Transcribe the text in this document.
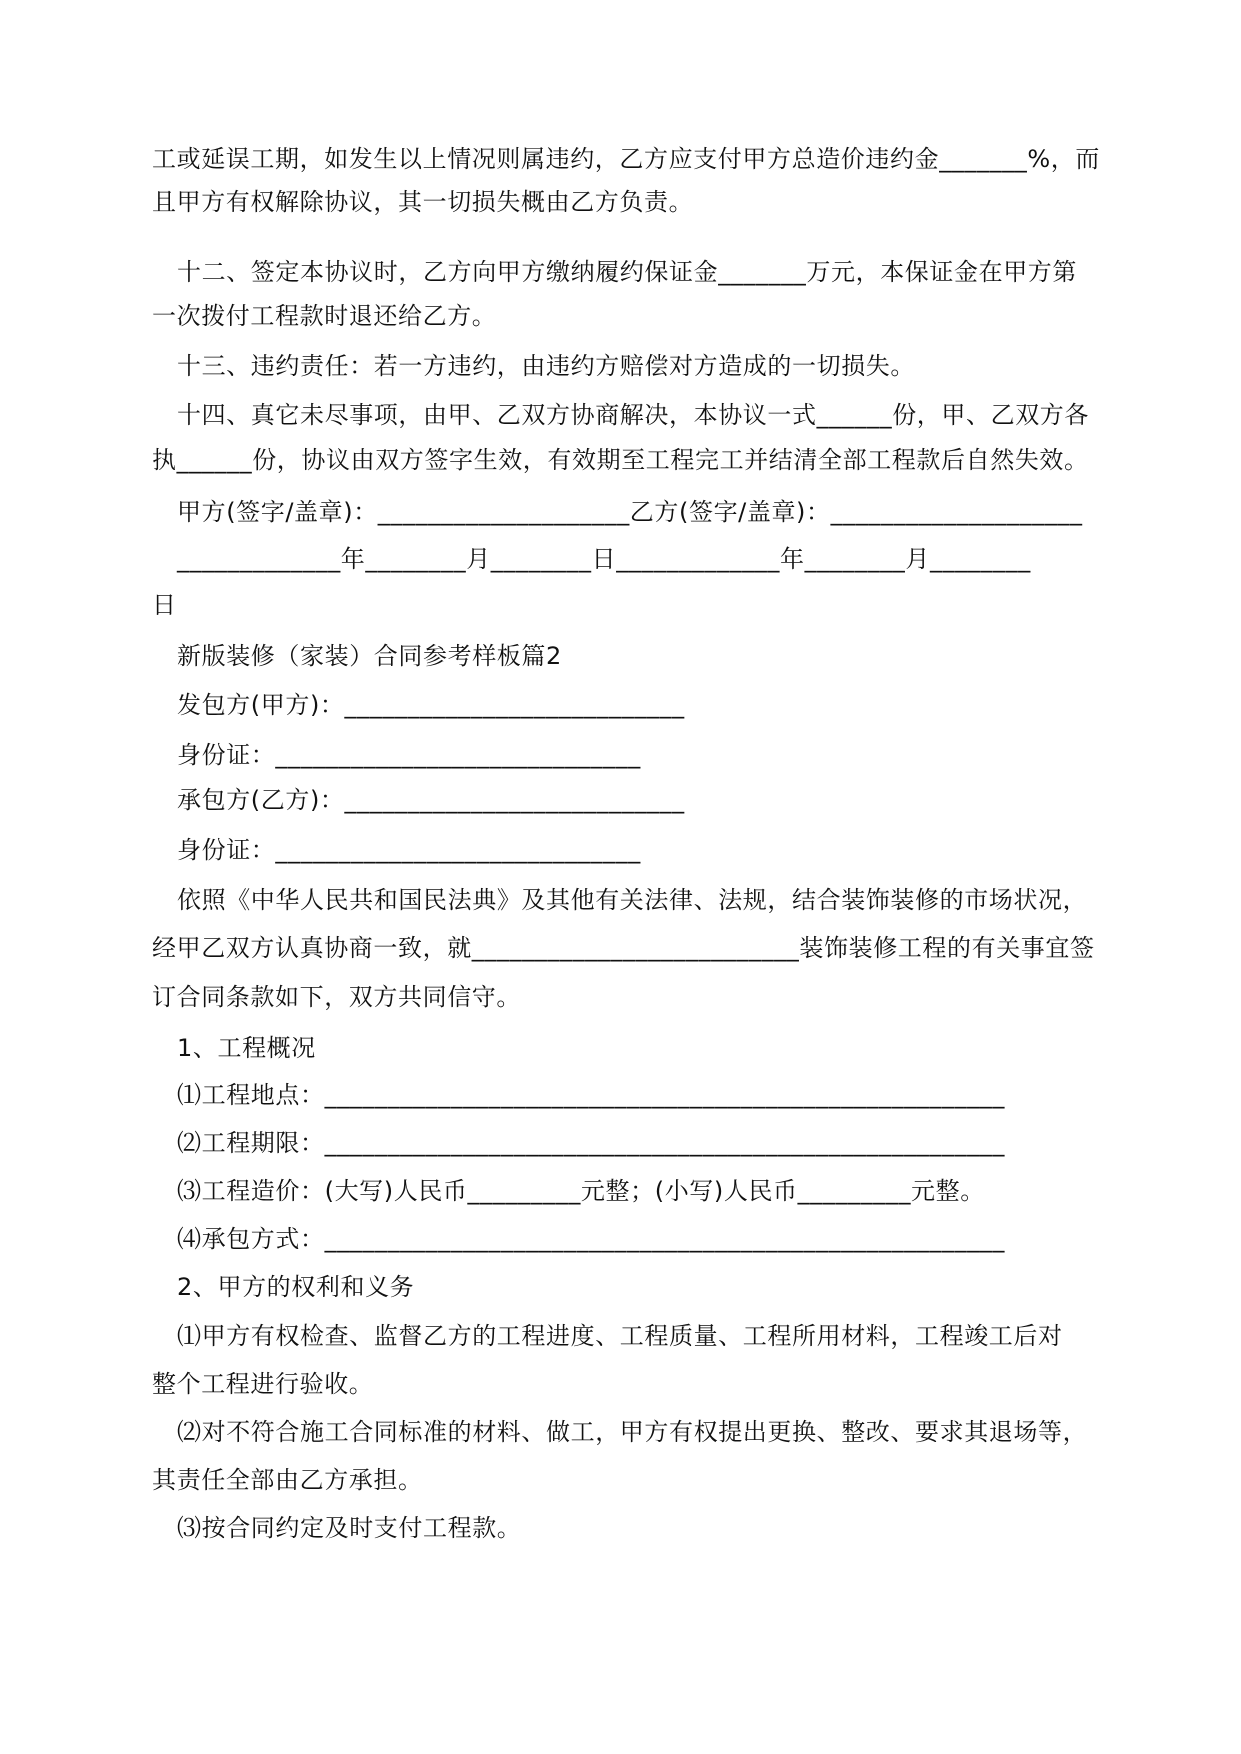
工或延误工期，如发生以上情况则属违约，乙方应支付甲方总造价违约金_______%，而
且甲方有权解除协议，其一切损失概由乙方负责。
十二、签定本协议时，乙方向甲方缴纳履约保证金_______万元，本保证金在甲方第
一次拨付工程款时退还给乙方。
十三、违约责任：若一方违约，由违约方赔偿对方造成的一切损失。
十四、真它未尽事项，由甲、乙双方协商解决，本协议一式______份，甲、乙双方各
执______份，协议由双方签字生效，有效期至工程完工并结清全部工程款后自然失效。
甲方(签字/盖章)：____________________乙方(签字/盖章)：____________________
_____________年________月________日_____________年________月________
日
新版装修（家装）合同参考样板篇2
发包方(甲方)：___________________________
身份证：_____________________________
承包方(乙方)：___________________________
身份证：_____________________________
依照《中华人民共和国民法典》及其他有关法律、法规，结合装饰装修的市场状况，
经甲乙双方认真协商一致，就__________________________装饰装修工程的有关事宜签
订合同条款如下，双方共同信守。
1、工程概况
⑴工程地点：______________________________________________________
⑵工程期限：______________________________________________________
⑶工程造价：(大写)人民币_________元整；(小写)人民币_________元整。
⑷承包方式：______________________________________________________
2、甲方的权利和义务
⑴甲方有权检查、监督乙方的工程进度、工程质量、工程所用材料，工程竣工后对
整个工程进行验收。
⑵对不符合施工合同标准的材料、做工，甲方有权提出更换、整改、要求其退场等，
其责任全部由乙方承担。
⑶按合同约定及时支付工程款。
